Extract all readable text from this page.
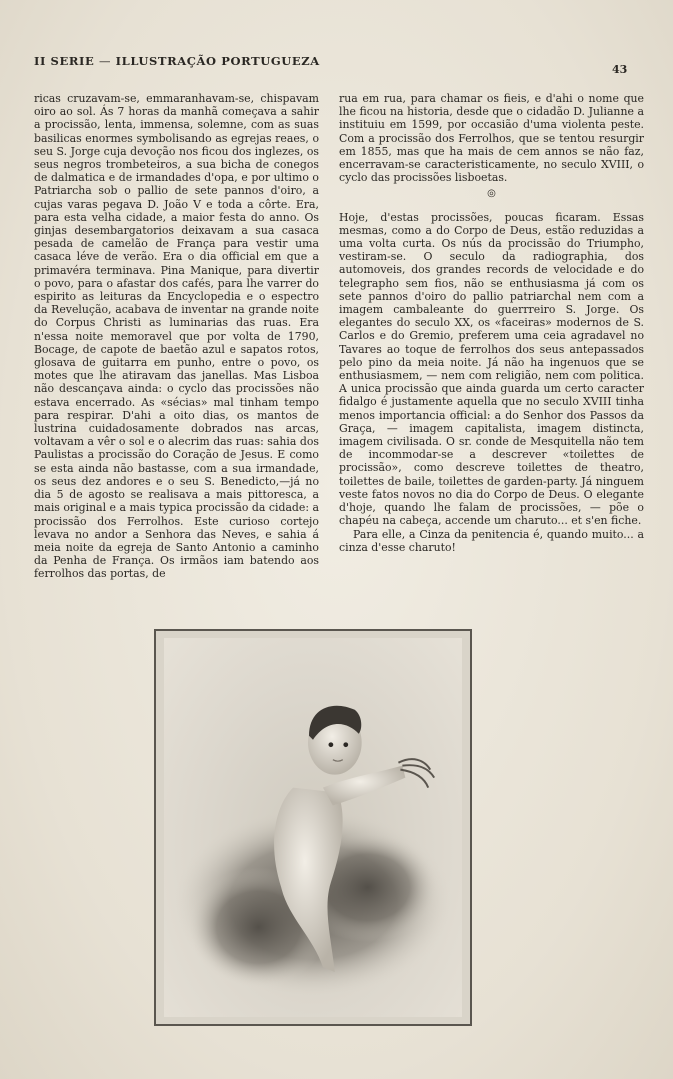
II SERIE — ILLUSTRAÇÃO PORTUGUEZA
43

ricas cruzavam-se, emmaranhavam-se, chispavam oiro ao sol. Ás 7 horas da manhã começava a sahir a procissão, lenta, immensa, solemne, com as suas basilicas enormes symbolisando as egrejas reaes, o seu S. Jorge cuja devoção nos ficou dos inglezes, os seus negros trombeteiros, a sua bicha de conegos de dalmatica e de irmandades d'opa, e por ultimo o Patriarcha sob o pallio de sete pannos d'oiro, a cujas varas pegava D. João V e toda a côrte. Era, para esta velha cidade, a maior festa do anno. Os ginjas desembargatorios deixavam a sua casaca pesada de camelão de França para vestir uma casaca léve de verão. Era o dia official em que a primavéra terminava. Pina Manique, para divertir o povo, para o afastar dos cafés, para lhe varrer do espirito as leituras da Encyclopedia e o espectro da Revelução, acabava de inventar na grande noite do Corpus Christi as luminarias das ruas. Era n'essa noite memoravel que por volta de 1790, Bocage, de capote de baetão azul e sapatos rotos, glosava de guitarra em punho, entre o povo, os motes que lhe atiravam das janellas. Mas Lisboa não descançava ainda: o cyclo das procissões não estava encerrado. As «sécias» mal tinham tempo para respirar. D'ahi a oito dias, os mantos de lustrina cuidadosamente dobrados nas arcas, voltavam a vêr o sol e o alecrim das ruas: sahia dos Paulistas a procissão do Coração de Jesus. E como se esta ainda não bastasse, com a sua irmandade, os seus dez andores e o seu S. Benedicto,—já no dia 5 de agosto se realisava a mais pittoresca, a mais original e a mais typica procissão da cidade: a procissão dos Ferrolhos. Este curioso cortejo levava no andor a Senhora das Neves, e sahia á meia noite da egreja de Santo Antonio a caminho da Penha de França. Os irmãos iam batendo aos ferrolhos das portas, de

rua em rua, para chamar os fieis, e d'ahi o nome que lhe ficou na historia, desde que o cidadão D. Julianne a instituiu em 1599, por occasião d'uma violenta peste. Com a procissão dos Ferrolhos, que se tentou resurgir em 1855, mas que ha mais de cem annos se não faz, encerravam-se caracteristicamente, no seculo XVIII, o cyclo das procissões lisboetas.

◎

Hoje, d'estas procissões, poucas ficaram. Essas mesmas, como a do Corpo de Deus, estão reduzidas a uma volta curta. Os nús da procissão do Triumpho, vestiram-se. O seculo da radiographia, dos automoveis, dos grandes records de velocidade e do telegrapho sem fios, não se enthusiasma já com os sete pannos d'oiro do pallio patriarchal nem com a imagem cambaleante do guerrreiro S. Jorge. Os elegantes do seculo XX, os «faceiras» modernos de S. Carlos e do Gremio, preferem uma ceia agradavel no Tavares ao toque de ferrolhos dos seus antepassados pelo pino da meia noite. Já não ha ingenuos que se enthusiasmem, — nem com religião, nem com politica. A unica procissão que ainda guarda um certo caracter fidalgo é justamente aquella que no seculo XVIII tinha menos importancia official: a do Senhor dos Passos da Graça, — imagem capitalista, imagem distincta, imagem civilisada. O sr. conde de Mesquitella não tem de incommodar-se a descrever «toilettes de procissão», como descreve toilettes de theatro, toilettes de baile, toilettes de garden-party. Já ninguem veste fatos novos no dia do Corpo de Deus. O elegante d'hoje, quando lhe falam de procissões, — põe o chapéu na cabeça, accende um charuto... et s'en fiche.

Para elle, a Cinza da penitencia é, quando muito... a cinza d'esse charuto!
